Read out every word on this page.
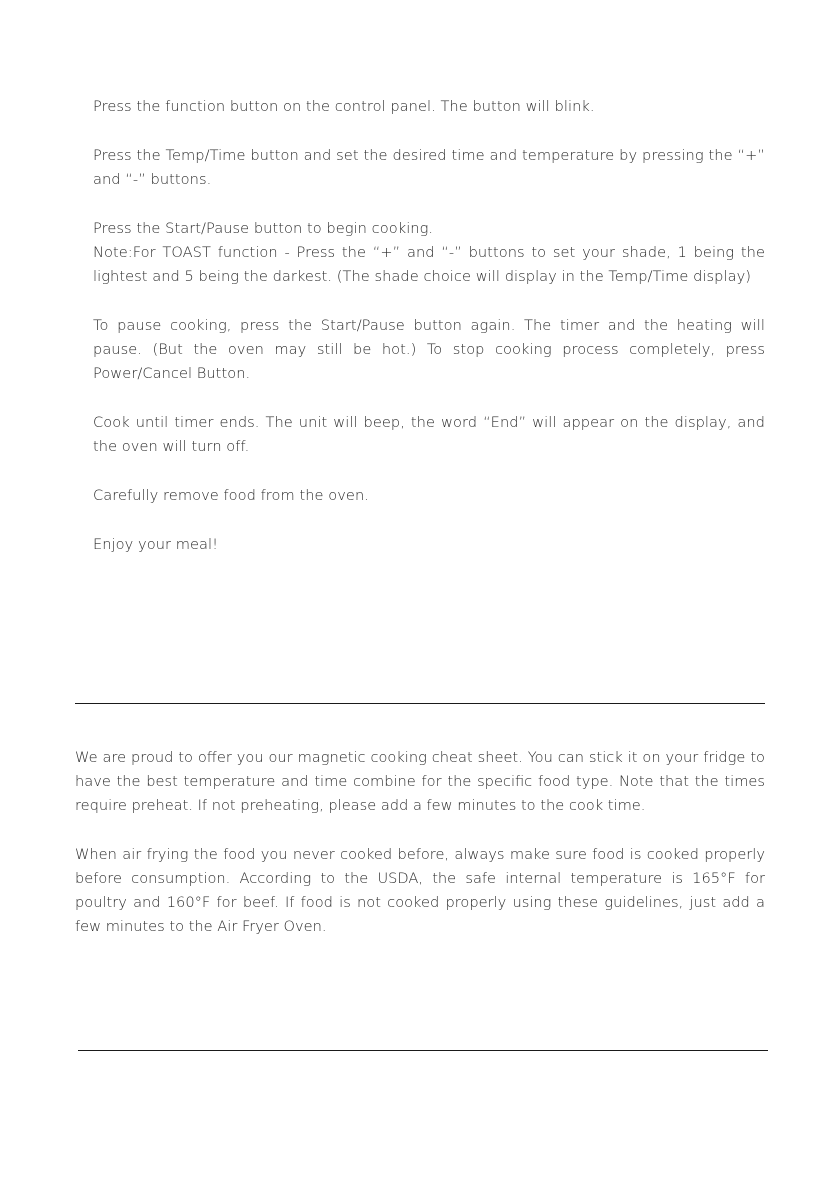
Press the function button on the control panel. The button will blink.

Press the Temp/Time button and set the desired time and temperature by pressing the “+” and “-” buttons.

Press the Start/Pause button to begin cooking.
Note:For TOAST function - Press the “+” and “-” buttons to set your shade, 1 being the lightest and 5 being the darkest. (The shade choice will display in the Temp/Time display)

To pause cooking, press the Start/Pause button again. The timer and the heating will pause. (But the oven may still be hot.) To stop cooking process completely, press Power/Cancel Button.

Cook until timer ends. The unit will beep, the word “End” will appear on the display, and the oven will turn off.

Carefully remove food from the oven.

Enjoy your meal!

We are proud to offer you our magnetic cooking cheat sheet. You can stick it on your fridge to have the best temperature and time combine for the specific food type. Note that the times require preheat. If not preheating, please add a few minutes to the cook time.

When air frying the food you never cooked before, always make sure food is cooked properly before consumption. According to the USDA, the safe internal temperature is 165°F for poultry and 160°F for beef. If food is not cooked properly using these guidelines, just add a few minutes to the Air Fryer Oven.
